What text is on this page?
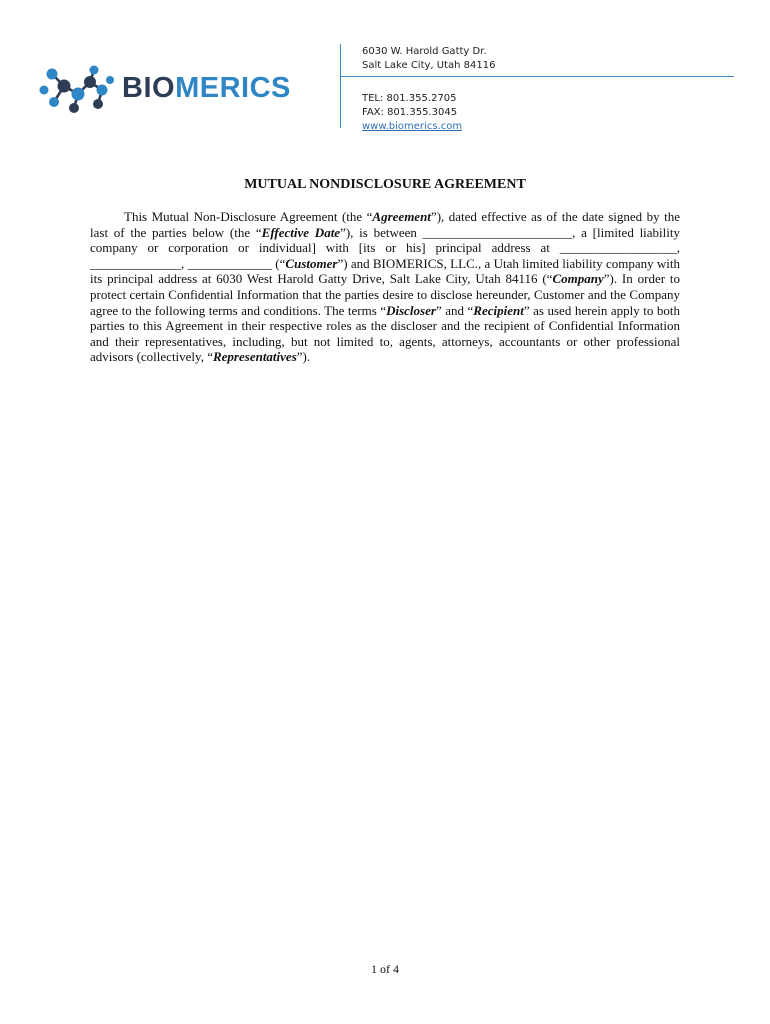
BIOMERICS
6030 W. Harold Gatty Dr.
Salt Lake City, Utah 84116
TEL: 801.355.2705
FAX: 801.355.3045
www.biomerics.com
MUTUAL NONDISCLOSURE AGREEMENT

This Mutual Non-Disclosure Agreement (the “Agreement”), dated effective as of the date signed by the last of the parties below (the “Effective Date”), is between _______________________, a [limited liability company or corporation or individual] with [its or his] principal address at __________________, ______________, _____________ (“Customer”) and BIOMERICS, LLC., a Utah limited liability company with its principal address at 6030 West Harold Gatty Drive, Salt Lake City, Utah 84116 (“Company”). In order to protect certain Confidential Information that the parties desire to disclose hereunder, Customer and the Company agree to the following terms and conditions. The terms “Discloser” and “Recipient” as used herein apply to both parties to this Agreement in their respective roles as the discloser and the recipient of Confidential Information and their representatives, including, but not limited to, agents, attorneys, accountants or other professional advisors (collectively, “Representatives”).

1 of 4
